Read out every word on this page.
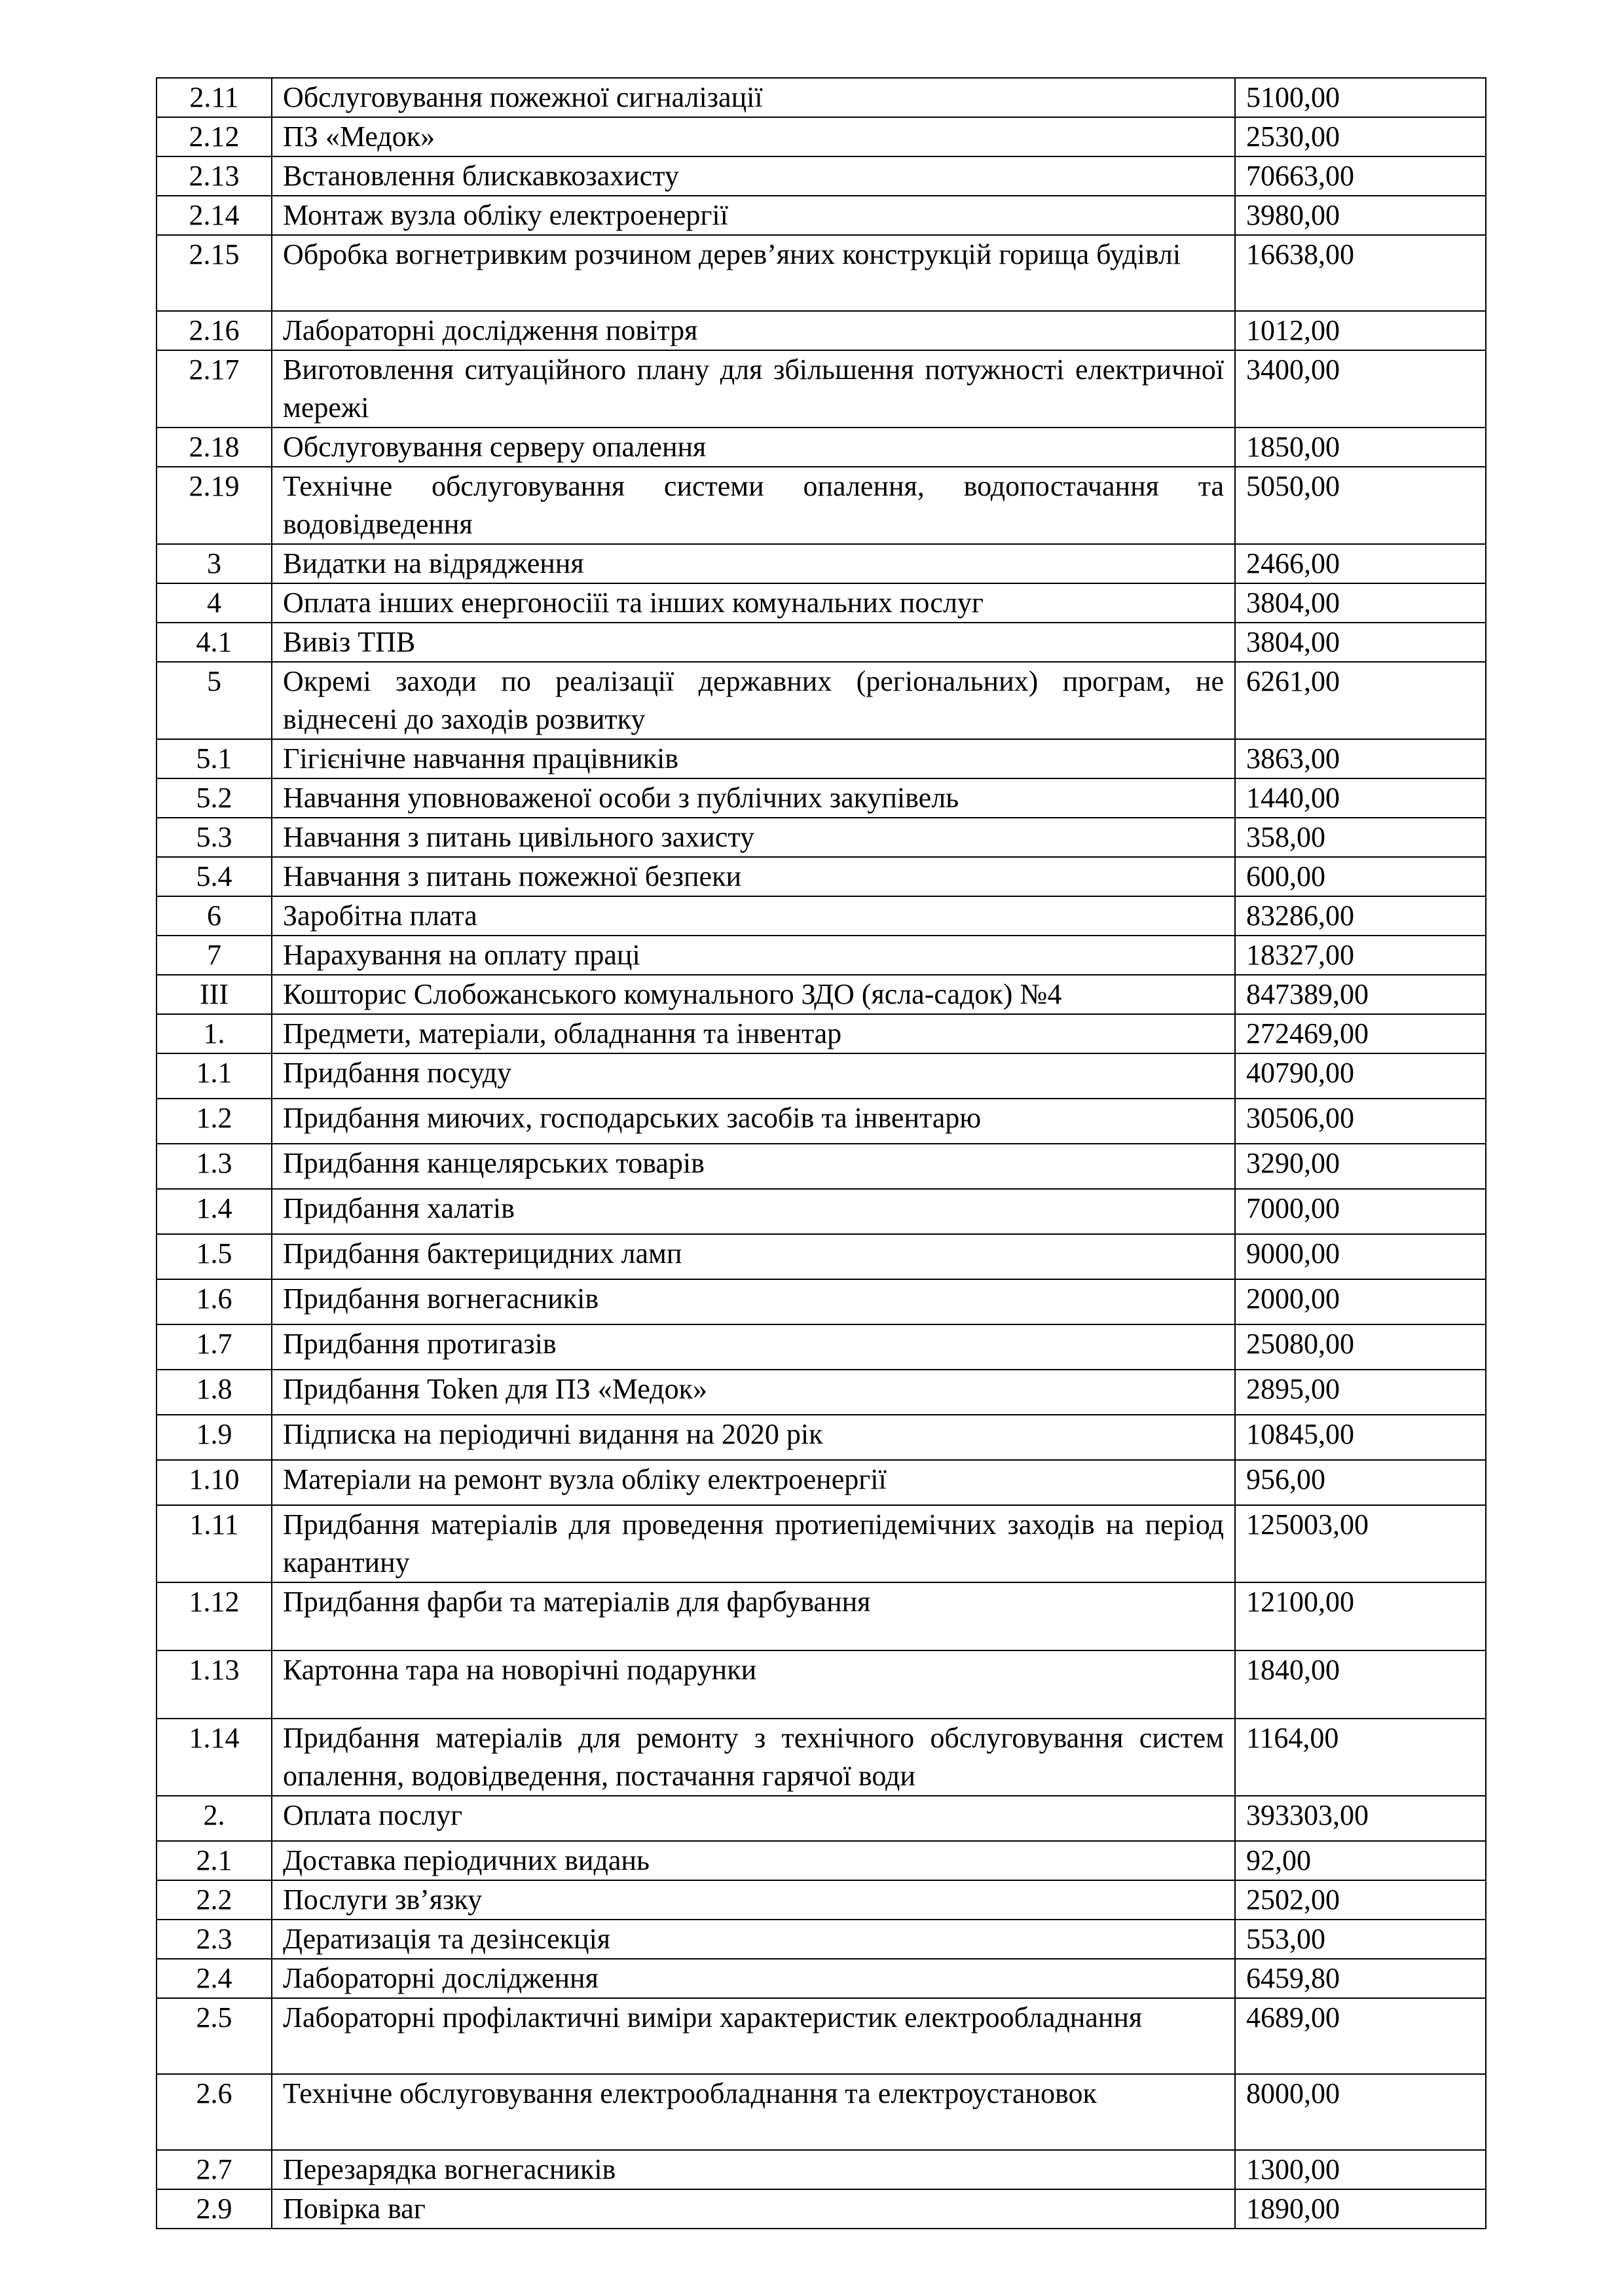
2.11	Обслуговування пожежної сигналізації	5100,00
2.12	ПЗ «Медок»	2530,00
2.13	Встановлення блискавкозахисту	70663,00
2.14	Монтаж вузла обліку електроенергії	3980,00
2.15	Обробка вогнетривким розчином дерев’яних конструкцій горища будівлі	16638,00
2.16	Лабораторні дослідження повітря	1012,00
2.17	Виготовлення ситуаційного плану для збільшення потужності електричної мережі	3400,00
2.18	Обслуговування серверу опалення	1850,00
2.19	Технічне обслуговування системи опалення, водопостачання та водовідведення	5050,00
3	Видатки на відрядження	2466,00
4	Оплата інших енергоносіїі та інших комунальних послуг	3804,00
4.1	Вивіз ТПВ	3804,00
5	Окремі заходи по реалізації державних (регіональних) програм, не віднесені до заходів розвитку	6261,00
5.1	Гігієнічне навчання працівників	3863,00
5.2	Навчання уповноваженої особи з публічних закупівель	1440,00
5.3	Навчання з питань цивільного захисту	358,00
5.4	Навчання з питань пожежної безпеки	600,00
6	Заробітна плата	83286,00
7	Нарахування на оплату праці	18327,00
III	Кошторис Слобожанського комунального ЗДО (ясла-садок) №4	847389,00
1.	Предмети, матеріали, обладнання та інвентар	272469,00
1.1	Придбання посуду	40790,00
1.2	Придбання миючих, господарських засобів та інвентарю	30506,00
1.3	Придбання канцелярських товарів	3290,00
1.4	Придбання халатів	7000,00
1.5	Придбання бактерицидних ламп	9000,00
1.6	Придбання вогнегасників	2000,00
1.7	Придбання протигазів	25080,00
1.8	Придбання Token для ПЗ «Медок»	2895,00
1.9	Підписка на періодичні видання на 2020 рік	10845,00
1.10	Матеріали на ремонт вузла обліку електроенергії	956,00
1.11	Придбання матеріалів для проведення протиепідемічних заходів на період карантину	125003,00
1.12	Придбання фарби та матеріалів для фарбування	12100,00
1.13	Картонна тара на новорічні подарунки	1840,00
1.14	Придбання матеріалів для ремонту з технічного обслуговування систем опалення, водовідведення, постачання гарячої води	1164,00
2.	Оплата послуг	393303,00
2.1	Доставка періодичних видань	92,00
2.2	Послуги зв’язку	2502,00
2.3	Дератизація та дезінсекція	553,00
2.4	Лабораторні дослідження	6459,80
2.5	Лабораторні профілактичні виміри характеристик електрообладнання	4689,00
2.6	Технічне обслуговування електрообладнання та електроустановок	8000,00
2.7	Перезарядка вогнегасників	1300,00
2.9	Повірка ваг	1890,00
